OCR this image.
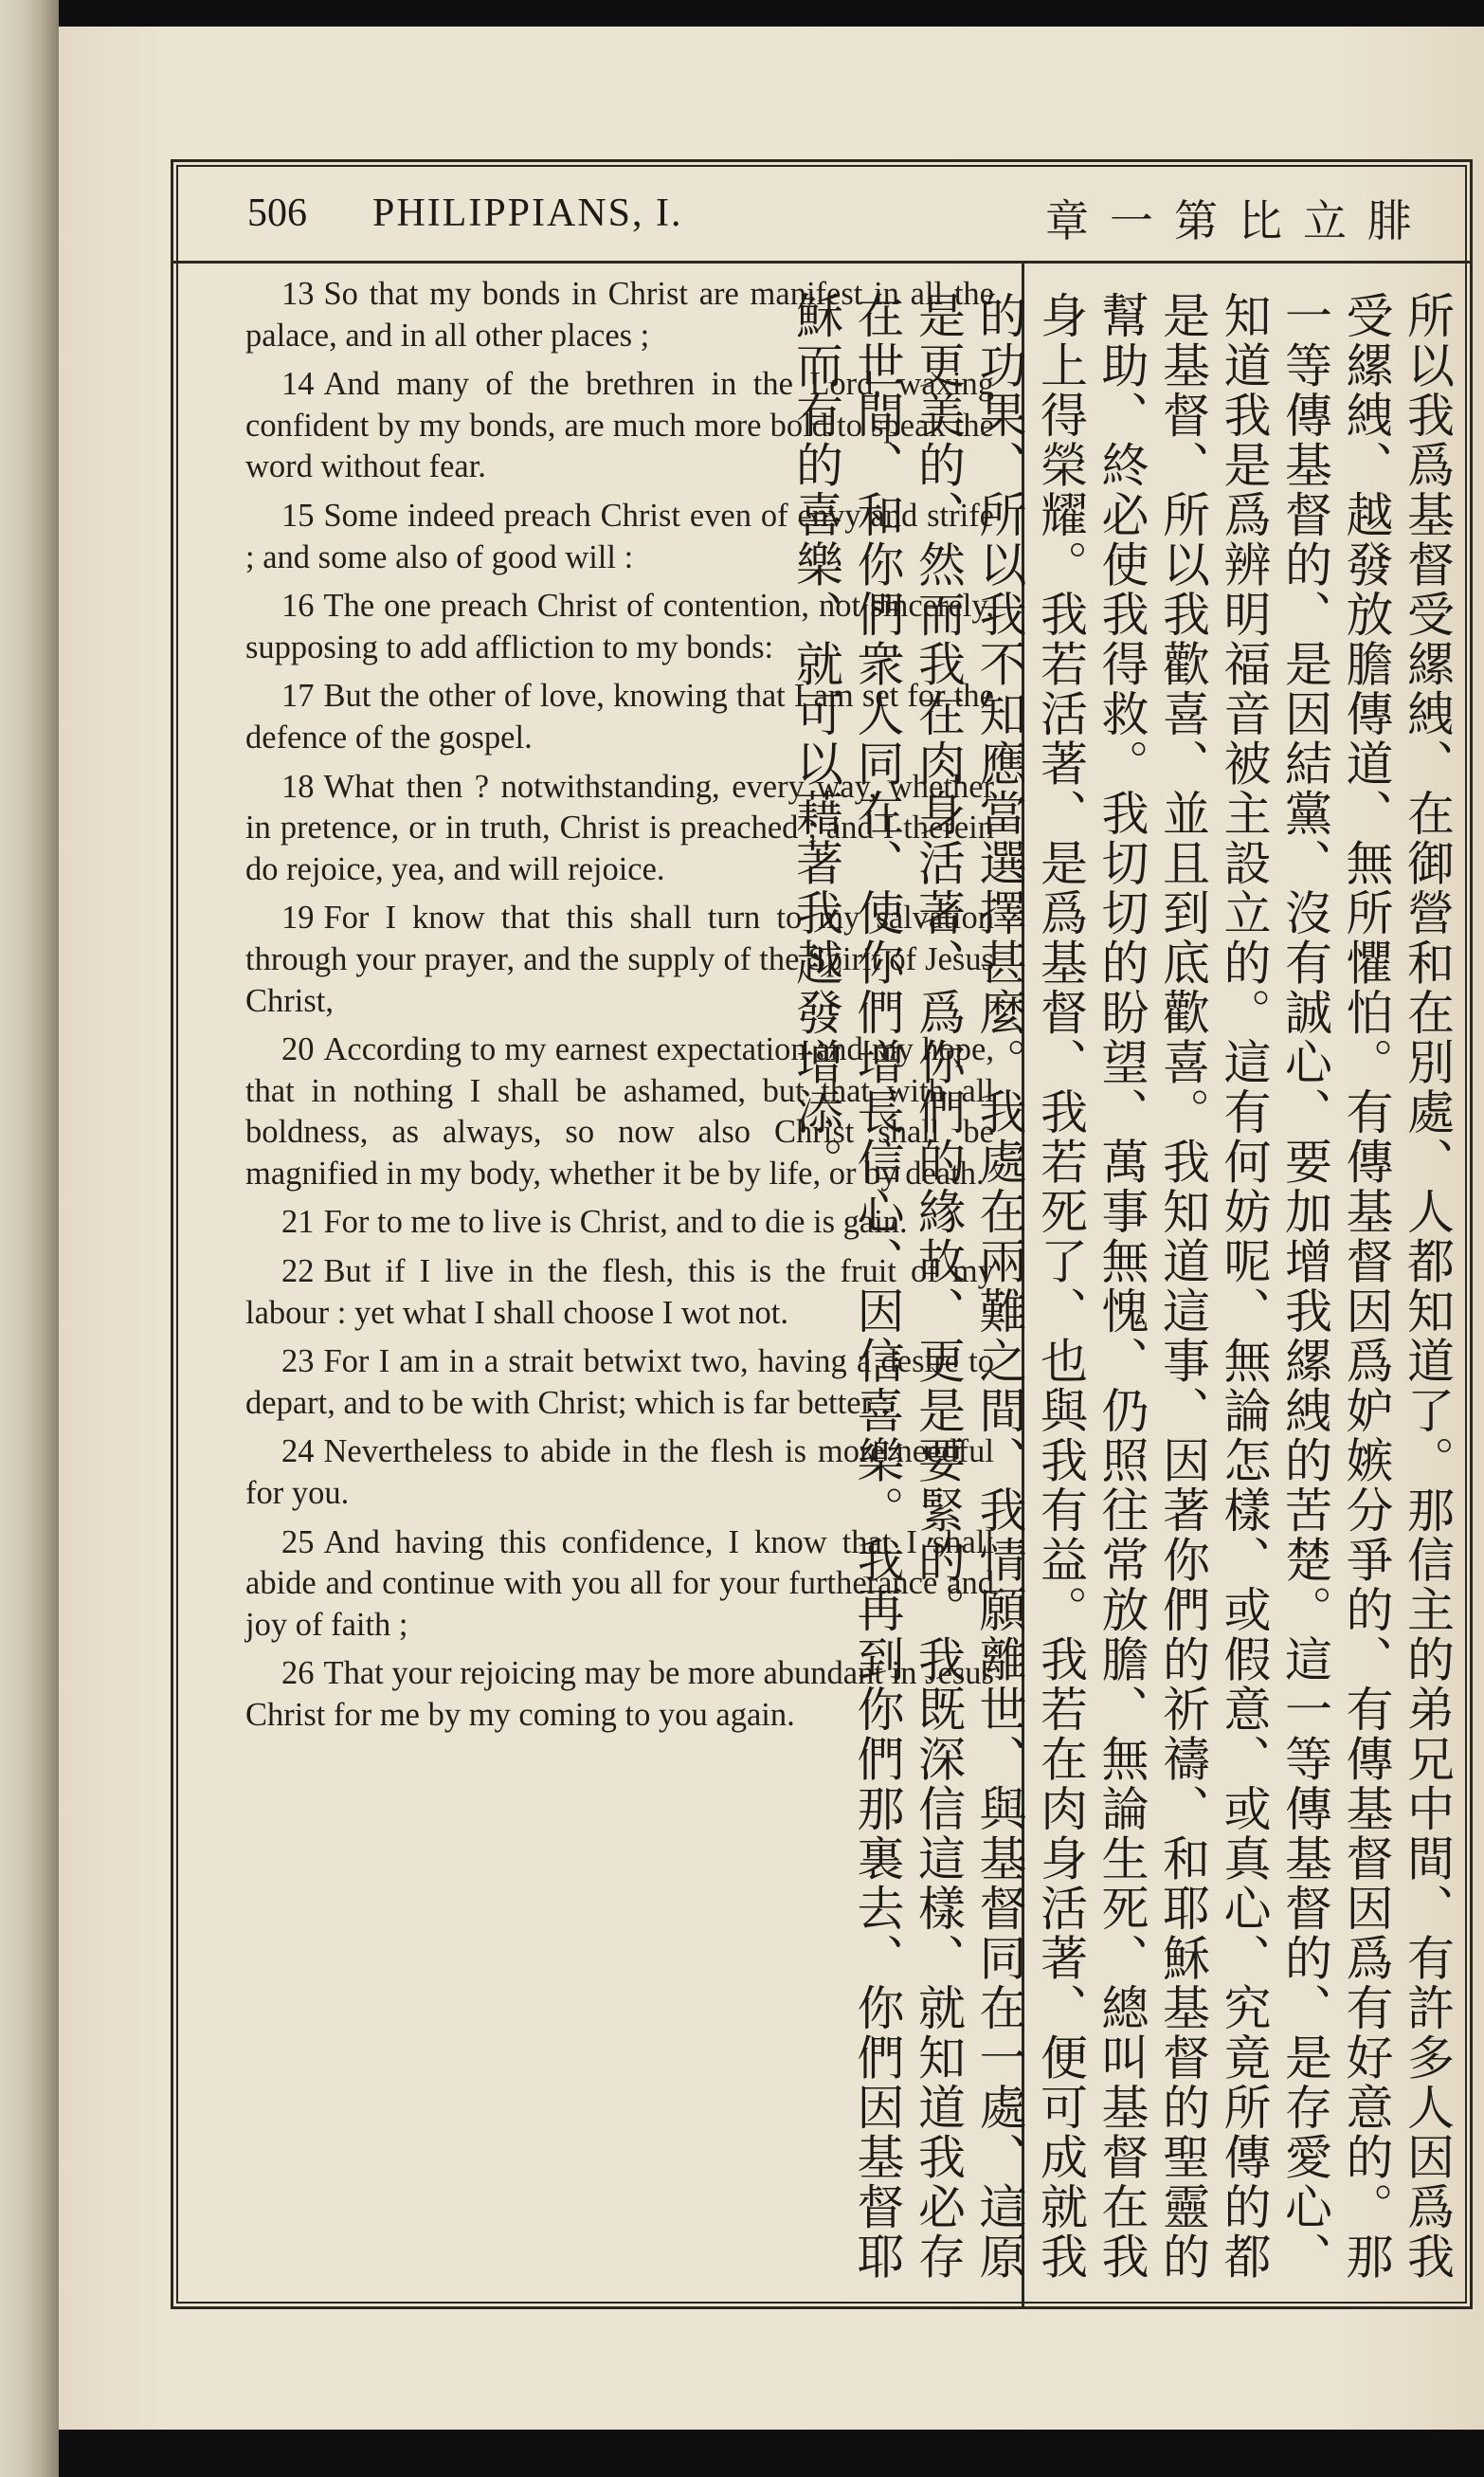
506 PHILIPPIANS, I.	腓立比第一章

13 So that my bonds in Christ are manifest in all the palace, and in all other places ;

14 And many of the brethren in the Lord, waxing confident by my bonds, are much more bold to speak the word without fear.

15 Some indeed preach Christ even of envy and strife ; and some also of good will :

16 The one preach Christ of contention, not sincerely, supposing to add affliction to my bonds:

17 But the other of love, knowing that I am set for the defence of the gospel.

18 What then ? notwithstanding, every way, whether in pretence, or in truth, Christ is preached ; and I therein do rejoice, yea, and will rejoice.

19 For I know that this shall turn to my salvation through your prayer, and the supply of the Spirit of Jesus Christ,

20 According to my earnest expectation and my hope, that in nothing I shall be ashamed, but that with all boldness, as always, so now also Christ shall be magnified in my body, whether it be by life, or by death.

21 For to me to live is Christ, and to die is gain.

22 But if I live in the flesh, this is the fruit of my labour : yet what I shall choose I wot not.

23 For I am in a strait betwixt two, having a desire to depart, and to be with Christ; which is far better :

24 Nevertheless to abide in the flesh is more needful for you.

25 And having this confidence, I know that I shall abide and continue with you all for your furtherance and joy of faith ;

26 That your rejoicing may be more abundant in Jesus Christ for me by my coming to you again.

所以我爲基督受縲絏、在御營和在別處、人都知道了。那信主的弟兄中間、有許多人因爲我受縲絏、越發放膽傳道、無所懼怕。有傳基督因爲妒嫉分爭的、有傳基督因爲有好意的。那一等傳基督的、是因結黨、沒有誠心、要加增我縲絏的苦楚。這一等傳基督的、是存愛心、知道我是爲辨明福音被主設立的。這有何妨呢、無論怎樣、或假意、或真心、究竟所傳的都是基督、所以我歡喜、並且到底歡喜。我知道這事、因著你們的祈禱、和耶穌基督的聖靈的幫助、終必使我得救。我切切的盼望、萬事無愧、仍照往常放膽、無論生死、總叫基督在我身上得榮耀。我若活著、是爲基督、我若死了、也與我有益。我若在肉身活著、便可成就我的功果、所以我不知應當選擇甚麼。我處在兩難之間、我情願離世、與基督同在一處、這原是更美的、然而我在肉身活著、爲你們的緣故、更是要緊的。我既深信這樣、就知道我必存在世間、和你們衆人同在、使你們增長信心、因信喜樂。我再到你們那裏去、你們因基督耶穌而有的喜樂、就可以藉著我越發增添。
